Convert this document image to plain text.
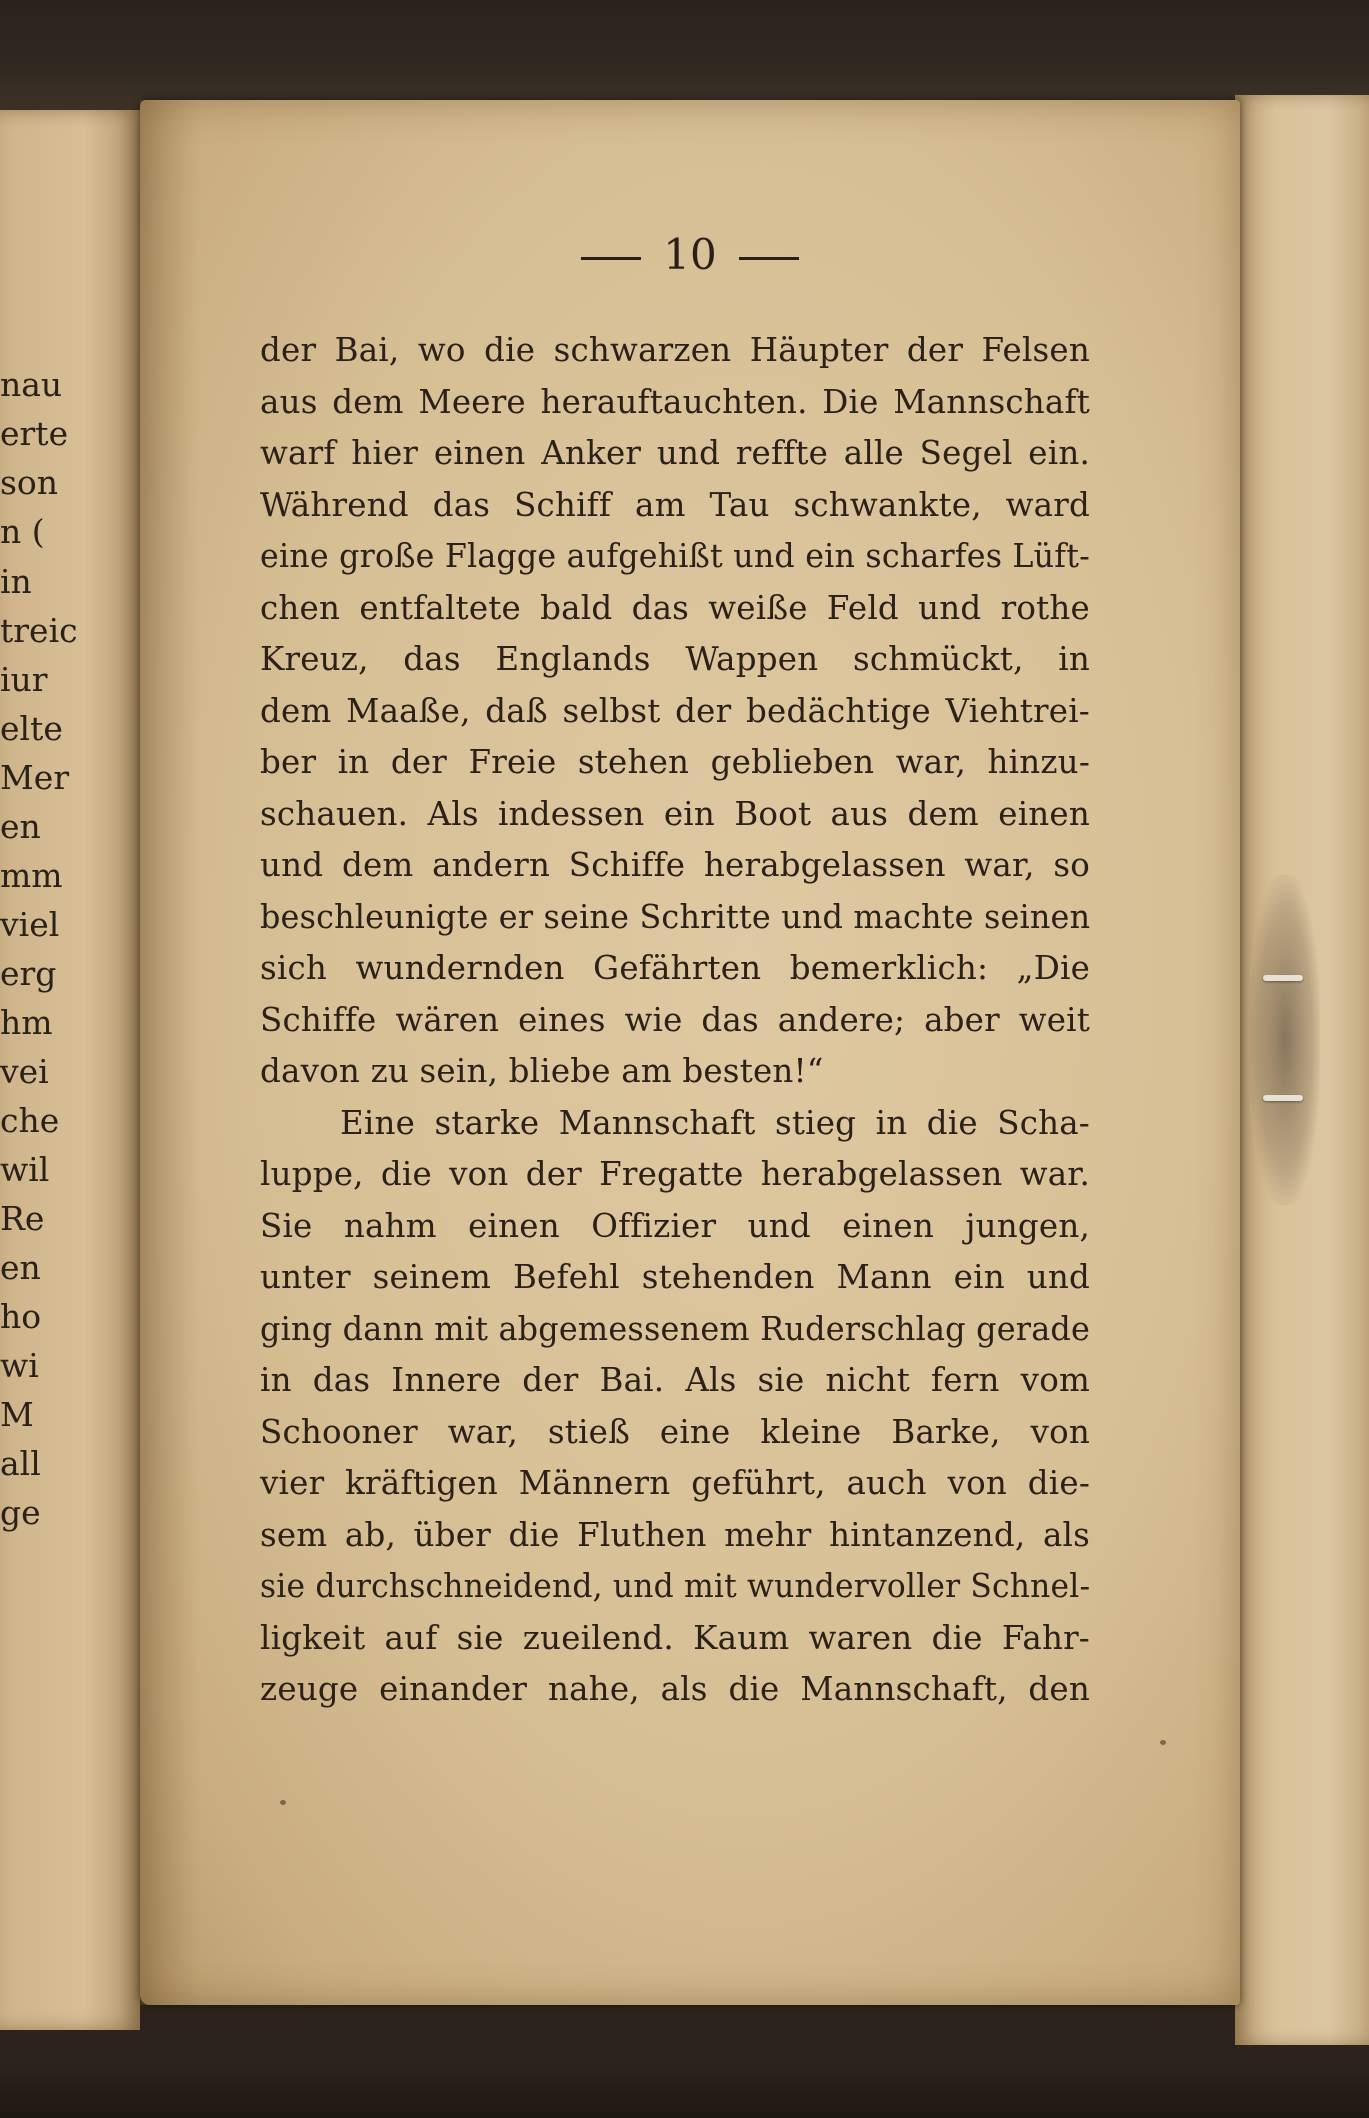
nau
erte
son
n (
in
treic
iur
elte
Mer
en
mm
viel
erg
hm
vei
che
wil
Re
en
ho
wi
M
all
ge
10
der Bai, wo die schwarzen Häupter der Felsen
aus dem Meere herauftauchten. Die Mannschaft
warf hier einen Anker und reffte alle Segel ein.
Während das Schiff am Tau schwankte, ward
eine große Flagge aufgehißt und ein scharfes Lüft-
chen entfaltete bald das weiße Feld und rothe
Kreuz, das Englands Wappen schmückt, in
dem Maaße, daß selbst der bedächtige Viehtrei-
ber in der Freie stehen geblieben war, hinzu-
schauen. Als indessen ein Boot aus dem einen
und dem andern Schiffe herabgelassen war, so
beschleunigte er seine Schritte und machte seinen
sich wundernden Gefährten bemerklich: „Die
Schiffe wären eines wie das andere; aber weit
davon zu sein, bliebe am besten!“
Eine starke Mannschaft stieg in die Scha-
luppe, die von der Fregatte herabgelassen war.
Sie nahm einen Offizier und einen jungen,
unter seinem Befehl stehenden Mann ein und
ging dann mit abgemessenem Ruderschlag gerade
in das Innere der Bai. Als sie nicht fern vom
Schooner war, stieß eine kleine Barke, von
vier kräftigen Männern geführt, auch von die-
sem ab, über die Fluthen mehr hintanzend, als
sie durchschneidend, und mit wundervoller Schnel-
ligkeit auf sie zueilend. Kaum waren die Fahr-
zeuge einander nahe, als die Mannschaft, den
